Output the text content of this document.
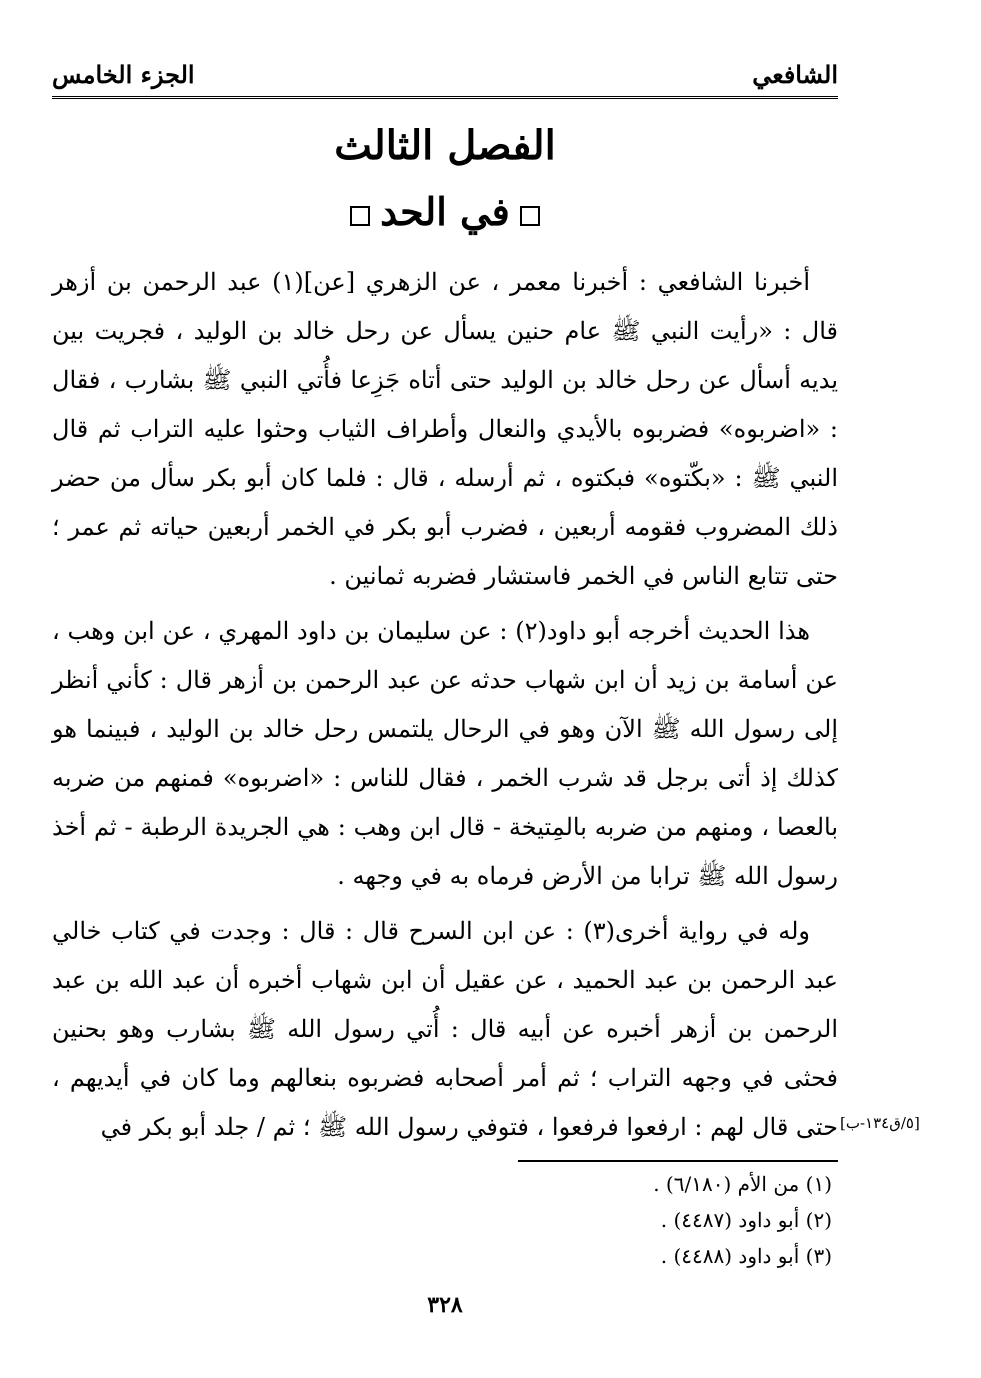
الشافعي
الجزء الخامس
الفصل الثالث
في الحد

أخبرنا الشافعي : أخبرنا معمر ، عن الزهري [عن](١) عبد الرحمن بن أزهر قال : «رأيت النبي ﷺ عام حنين يسأل عن رحل خالد بن الوليد ، فجريت بين يديه أسأل عن رحل خالد بن الوليد حتى أتاه جَزِعا فأُتي النبي ﷺ بشارب ، فقال : «اضربوه» فضربوه بالأيدي والنعال وأطراف الثياب وحثوا عليه التراب ثم قال النبي ﷺ : «بكّتوه» فبكتوه ، ثم أرسله ، قال : فلما كان أبو بكر سأل من حضر ذلك المضروب فقومه أربعين ، فضرب أبو بكر في الخمر أربعين حياته ثم عمر ؛ حتى تتابع الناس في الخمر فاستشار فضربه ثمانين .

هذا الحديث أخرجه أبو داود(٢) : عن سليمان بن داود المهري ، عن ابن وهب ، عن أسامة بن زيد أن ابن شهاب حدثه عن عبد الرحمن بن أزهر قال : كأني أنظر إلى رسول الله ﷺ الآن وهو في الرحال يلتمس رحل خالد بن الوليد ، فبينما هو كذلك إذ أتى برجل قد شرب الخمر ، فقال للناس : «اضربوه» فمنهم من ضربه بالعصا ، ومنهم من ضربه بالمِتيخة - قال ابن وهب : هي الجريدة الرطبة - ثم أخذ رسول الله ﷺ ترابا من الأرض فرماه به في وجهه .

وله في رواية أخرى(٣) : عن ابن السرح قال : قال : وجدت في كتاب خالي عبد الرحمن بن عبد الحميد ، عن عقيل أن ابن شهاب أخبره أن عبد الله بن عبد الرحمن بن أزهر أخبره عن أبيه قال : أُتي رسول الله ﷺ بشارب وهو بحنين فحثى في وجهه التراب ؛ ثم أمر أصحابه فضربوه بنعالهم وما كان في أيديهم ، حتى قال لهم : ارفعوا فرفعوا ، فتوفي رسول الله ﷺ ؛ ثم / جلد أبو بكر في [٥/ق١٣٤-ب]
(١) من الأم (٦/١٨٠) .
(٢) أبو داود (٤٤٨٧) .
(٣) أبو داود (٤٤٨٨) .
٣٢٨
